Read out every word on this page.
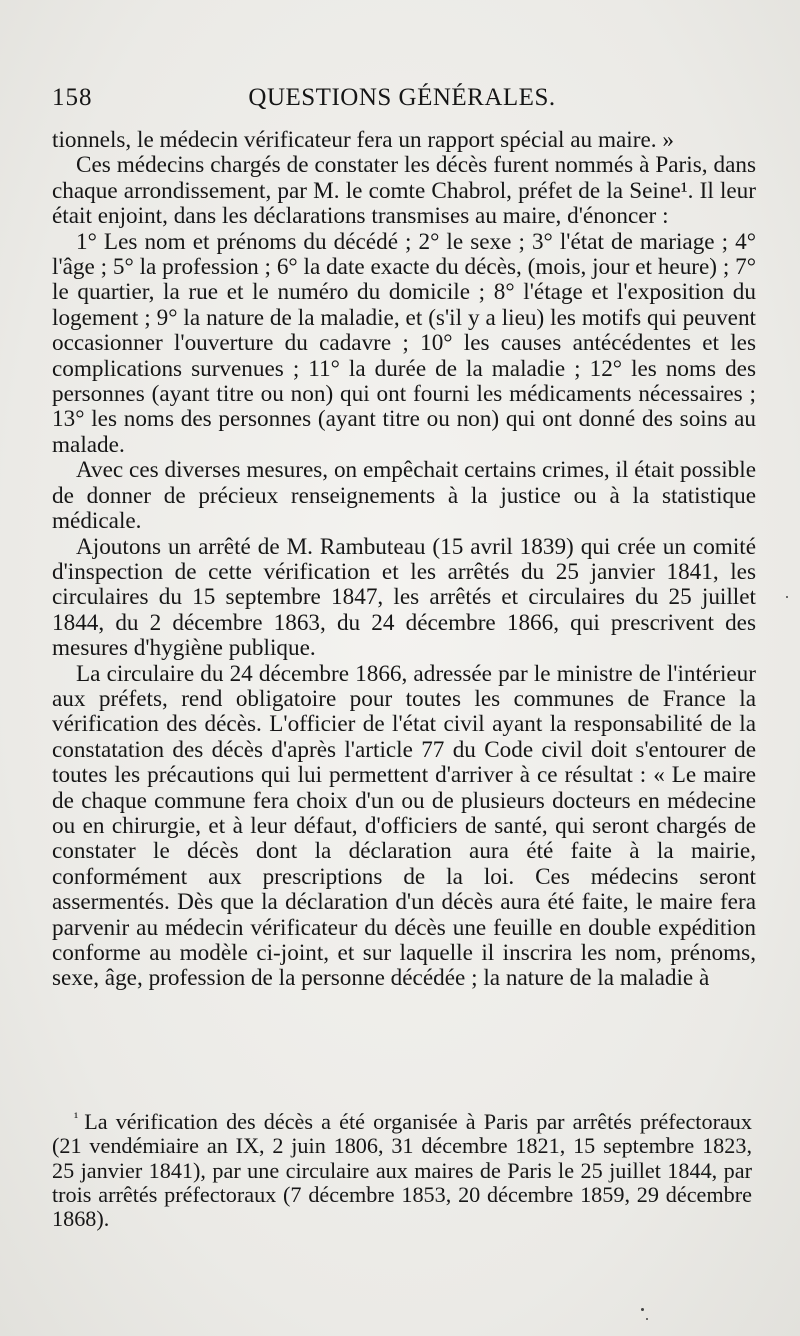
158	QUESTIONS GÉNÉRALES.

tionnels, le médecin vérificateur fera un rapport spécial au maire. »

Ces médecins chargés de constater les décès furent nommés à Paris, dans chaque arrondissement, par M. le comte Chabrol, préfet de la Seine¹. Il leur était enjoint, dans les déclarations transmises au maire, d'énoncer :

1° Les nom et prénoms du décédé ; 2° le sexe ; 3° l'état de mariage ; 4° l'âge ; 5° la profession ; 6° la date exacte du décès, (mois, jour et heure) ; 7° le quartier, la rue et le numéro du domicile ; 8° l'étage et l'exposition du logement ; 9° la nature de la maladie, et (s'il y a lieu) les motifs qui peuvent occasionner l'ouverture du cadavre ; 10° les causes antécédentes et les complications survenues ; 11° la durée de la maladie ; 12° les noms des personnes (ayant titre ou non) qui ont fourni les médicaments nécessaires ; 13° les noms des personnes (ayant titre ou non) qui ont donné des soins au malade.

Avec ces diverses mesures, on empêchait certains crimes, il était possible de donner de précieux renseignements à la justice ou à la statistique médicale.

Ajoutons un arrêté de M. Rambuteau (15 avril 1839) qui crée un comité d'inspection de cette vérification et les arrêtés du 25 janvier 1841, les circulaires du 15 septembre 1847, les arrêtés et circulaires du 25 juillet 1844, du 2 décembre 1863, du 24 décembre 1866, qui prescrivent des mesures d'hygiène publique.

La circulaire du 24 décembre 1866, adressée par le ministre de l'intérieur aux préfets, rend obligatoire pour toutes les communes de France la vérification des décès. L'officier de l'état civil ayant la responsabilité de la constatation des décès d'après l'article 77 du Code civil doit s'entourer de toutes les précautions qui lui permettent d'arriver à ce résultat : « Le maire de chaque commune fera choix d'un ou de plusieurs docteurs en médecine ou en chirurgie, et à leur défaut, d'officiers de santé, qui seront chargés de constater le décès dont la déclaration aura été faite à la mairie, conformément aux prescriptions de la loi. Ces médecins seront assermentés. Dès que la déclaration d'un décès aura été faite, le maire fera parvenir au médecin vérificateur du décès une feuille en double expédition conforme au modèle ci-joint, et sur laquelle il inscrira les nom, prénoms, sexe, âge, profession de la personne décédée ; la nature de la maladie à

$^{^1}$ La vérification des décès a été organisée à Paris par arrêtés préfectoraux (21 vendémiaire an IX, 2 juin 1806, 31 décembre 1821, 15 septembre 1823, 25 janvier 1841), par une circulaire aux maires de Paris le 25 juillet 1844, par trois arrêtés préfectoraux (7 décembre 1853, 20 décembre 1859, 29 décembre 1868).
